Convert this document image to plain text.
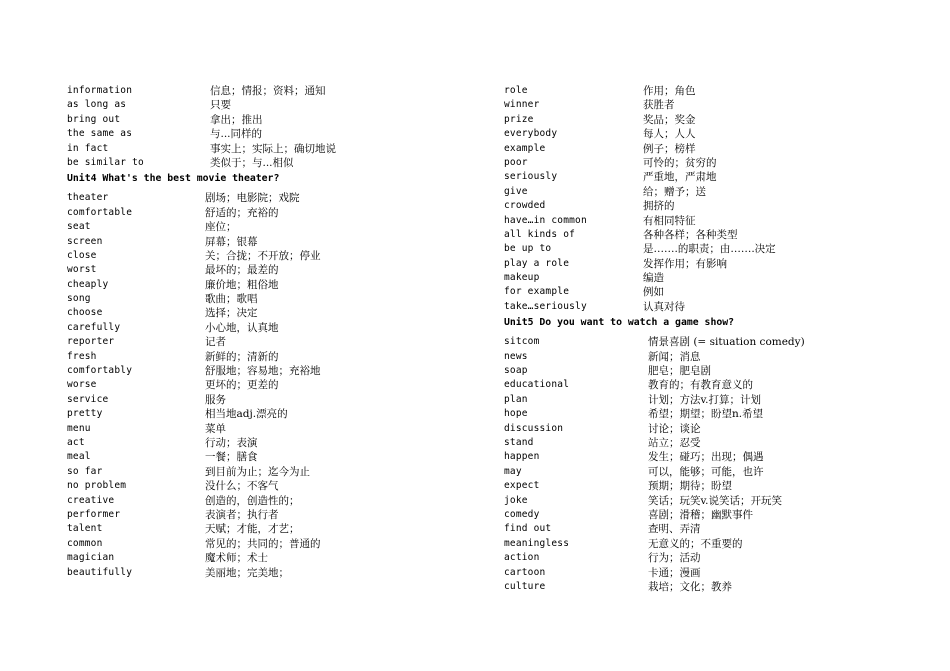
information	信息；情报；资料；通知
as long as	只要
bring out	拿出；推出
the same as	与...同样的
in fact	事实上；实际上；确切地说
be similar to	类似于；与...相似
Unit4 What's the best movie theater?
theater	剧场；电影院；戏院
comfortable	舒适的；充裕的
seat	座位；
screen	屏幕；银幕
close	关；合拢；不开放；停业
worst	最坏的；最差的
cheaply	廉价地；粗俗地
song	歌曲；歌唱
choose	选择；决定
carefully	小心地，认真地
reporter	记者
fresh	新鲜的；清新的
comfortably	舒服地；容易地；充裕地
worse	更坏的；更差的
service	服务
pretty	相当地adj.漂亮的
menu	菜单
act	行动；表演
meal	一餐；膳食
so far	到目前为止；迄今为止
no problem	没什么；不客气
creative	创造的，创造性的；
performer	表演者；执行者
talent	天赋；才能，才艺；
common	常见的；共同的；普通的
magician	魔术师；术士
beautifully	美丽地；完美地；
role	作用；角色
winner	获胜者
prize	奖品；奖金
everybody	每人；人人
example	例子；榜样
poor	可怜的；贫穷的
seriously	严重地，严肃地
give	给；赠予；送
crowded	拥挤的
have…in common	有相同特征
all kinds of	各种各样；各种类型
be up to	是…….的职责；由…….决定
play a role	发挥作用；有影响
makeup	编造
for example	例如
take…seriously	认真对待
Unit5 Do you want to watch a game show?
sitcom	情景喜剧 (= situation comedy)
news	新闻；消息
soap	肥皂；肥皂剧
educational	教育的；有教育意义的
plan	计划；方法v.打算；计划
hope	希望；期望；盼望n.希望
discussion	讨论；谈论
stand	站立；忍受
happen	发生；碰巧；出现；偶遇
may	可以，能够；可能，也许
expect	预期；期待；盼望
joke	笑话；玩笑v.说笑话；开玩笑
comedy	喜剧；滑稽；幽默事件
find out	查明、弄清
meaningless	无意义的；不重要的
action	行为；活动
cartoon	卡通；漫画
culture	栽培；文化；教养
